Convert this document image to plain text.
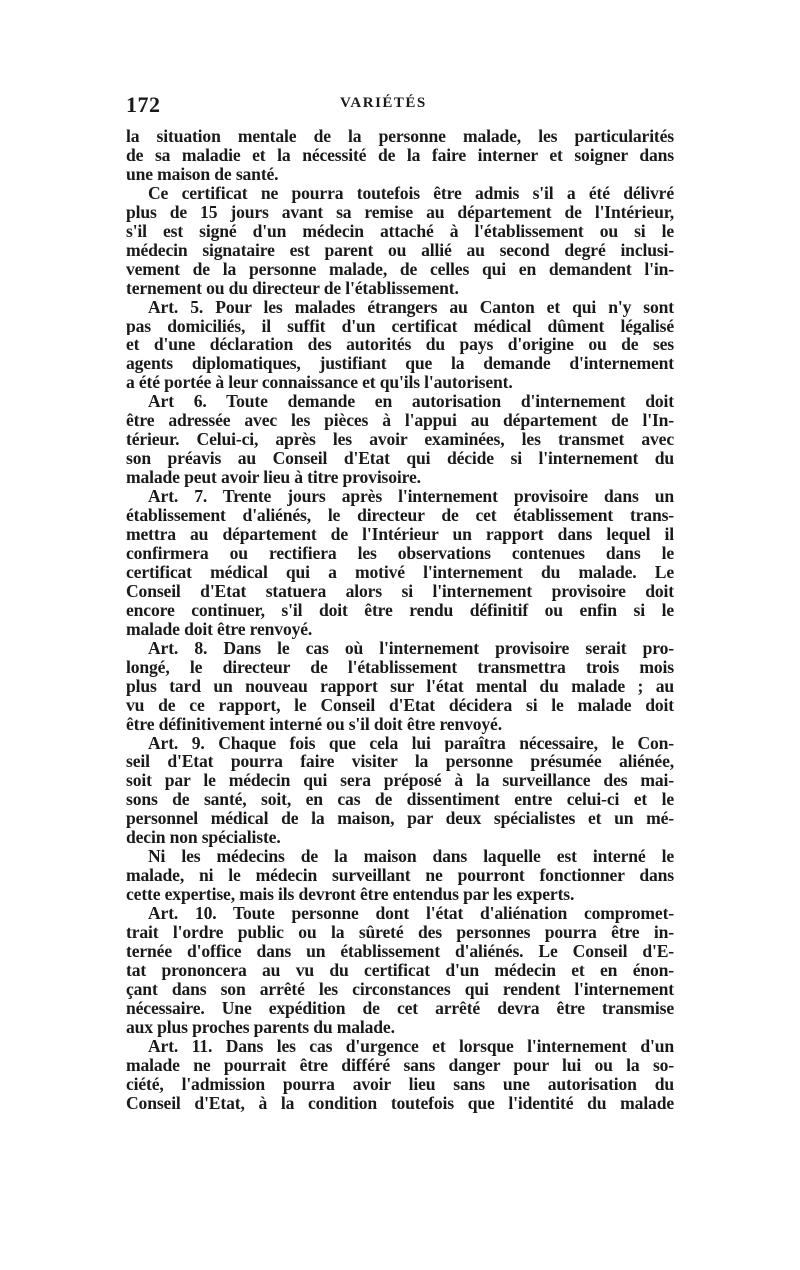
172	VARIÉTÉS
la situation mentale de la personne malade, les particularités
de sa maladie et la nécessité de la faire interner et soigner dans
une maison de santé.
Ce certificat ne pourra toutefois être admis s'il a été délivré
plus de 15 jours avant sa remise au département de l'Intérieur,
s'il est signé d'un médecin attaché à l'établissement ou si le
médecin signataire est parent ou allié au second degré inclusi-
vement de la personne malade, de celles qui en demandent l'in-
ternement ou du directeur de l'établissement.
Art. 5. Pour les malades étrangers au Canton et qui n'y sont
pas domiciliés, il suffit d'un certificat médical dûment légalisé
et d'une déclaration des autorités du pays d'origine ou de ses
agents diplomatiques, justifiant que la demande d'internement
a été portée à leur connaissance et qu'ils l'autorisent.
Art 6. Toute demande en autorisation d'internement doit
être adressée avec les pièces à l'appui au département de l'In-
térieur. Celui-ci, après les avoir examinées, les transmet avec
son préavis au Conseil d'Etat qui décide si l'internement du
malade peut avoir lieu à titre provisoire.
Art. 7. Trente jours après l'internement provisoire dans un
établissement d'aliénés, le directeur de cet établissement trans-
mettra au département de l'Intérieur un rapport dans lequel il
confirmera ou rectifiera les observations contenues dans le
certificat médical qui a motivé l'internement du malade. Le
Conseil d'Etat statuera alors si l'internement provisoire doit
encore continuer, s'il doit être rendu définitif ou enfin si le
malade doit être renvoyé.
Art. 8. Dans le cas où l'internement provisoire serait pro-
longé, le directeur de l'établissement transmettra trois mois
plus tard un nouveau rapport sur l'état mental du malade ; au
vu de ce rapport, le Conseil d'Etat décidera si le malade doit
être définitivement interné ou s'il doit être renvoyé.
Art. 9. Chaque fois que cela lui paraîtra nécessaire, le Con-
seil d'Etat pourra faire visiter la personne présumée aliénée,
soit par le médecin qui sera préposé à la surveillance des mai-
sons de santé, soit, en cas de dissentiment entre celui-ci et le
personnel médical de la maison, par deux spécialistes et un mé-
decin non spécialiste.
Ni les médecins de la maison dans laquelle est interné le
malade, ni le médecin surveillant ne pourront fonctionner dans
cette expertise, mais ils devront être entendus par les experts.
Art. 10. Toute personne dont l'état d'aliénation compromet-
trait l'ordre public ou la sûreté des personnes pourra être in-
ternée d'office dans un établissement d'aliénés. Le Conseil d'E-
tat prononcera au vu du certificat d'un médecin et en énon-
çant dans son arrêté les circonstances qui rendent l'internement
nécessaire. Une expédition de cet arrêté devra être transmise
aux plus proches parents du malade.
Art. 11. Dans les cas d'urgence et lorsque l'internement d'un
malade ne pourrait être différé sans danger pour lui ou la so-
ciété, l'admission pourra avoir lieu sans une autorisation du
Conseil d'Etat, à la condition toutefois que l'identité du malade
